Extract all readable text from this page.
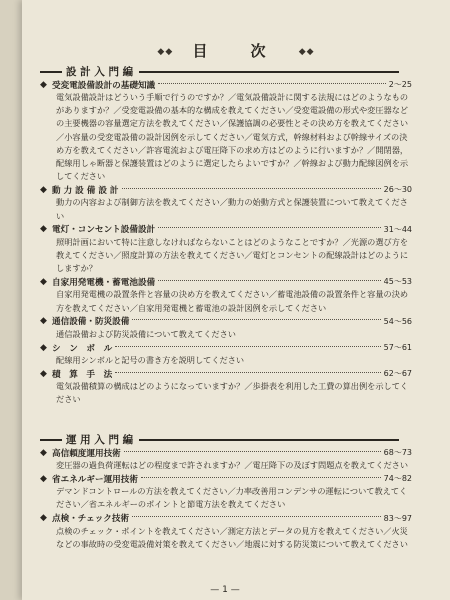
◆◆ 目　次 ◆◆
設 計 入 門 編
◆ 受変電設備設計の基礎知識	2～25
電気設備設計はどういう手順で行うのですか？／電気設備設計に関する法規にはどのようなものがありますか？／受変電設備の基本的な構成を教えてください／受変電設備の形式や変圧器などの主要機器の容量選定方法を教えてください／保護協調の必要性とその決め方を教えてください／小容量の受変電設備の設計図例を示してください／電気方式，幹線材料および幹線サイズの決め方を教えてください／許容電流および電圧降下の求め方はどのように行いますか？／開閉器，配線用しゃ断器と保護装置はどのように選定したらよいですか？／幹線および動力配線図例を示してください
◆ 動 力 設 備 設 計	26～30
動力の内容および制御方法を教えてください／動力の始動方式と保護装置について教えてください
◆ 電灯・コンセント設備設計	31～44
照明計画において特に注意しなければならないことはどのようなことですか？／光源の選び方を教えてください／照度計算の方法を教えてください／電灯とコンセントの配線設計はどのようにしますか？
◆ 自家用発電機・蓄電池設備	45～53
自家用発電機の設置条件と容量の決め方を教えてください／蓄電池設備の設置条件と容量の決め方を教えてください／自家用発電機と蓄電池の設計図例を示してください
◆ 通信設備・防災設備	54～56
通信設備および防災設備について教えてください
◆ シ　ン　ボ　ル	57～61
配線用シンボルと記号の書き方を説明してください
◆ 積　算　手　法	62～67
電気設備積算の構成はどのようになっていますか？／歩掛表を利用した工費の算出例を示してください
運 用 入 門 編
◆ 高信頼度運用技術	68～73
変圧器の過負荷運転はどの程度まで許されますか？／電圧降下の及ぼす問題点を教えてください
◆ 省エネルギー運用技術	74～82
デマンドコントロールの方法を教えてください／力率改善用コンデンサの運転について教えてください／省エネルギーのポイントと節電方法を教えてください
◆ 点検・チェック技術	83～97
点検のチェック・ポイントを教えてください／測定方法とデータの見方を教えてください／火災などの事故時の受変電設備対策を教えてください／地震に対する防災策について教えてください
— 1 —
